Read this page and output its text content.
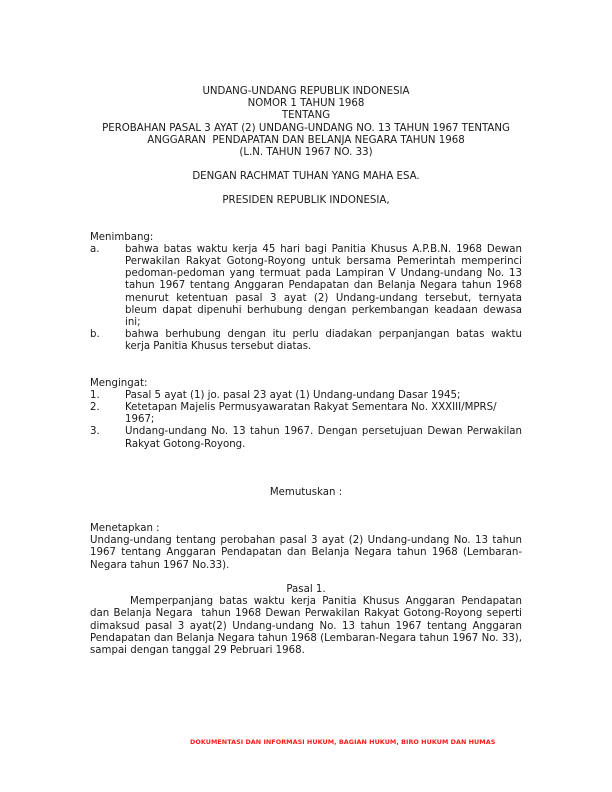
UNDANG-UNDANG REPUBLIK INDONESIA
NOMOR 1 TAHUN 1968
TENTANG
PEROBAHAN PASAL 3 AYAT (2) UNDANG-UNDANG NO. 13 TAHUN 1967 TENTANG
ANGGARAN  PENDAPATAN DAN BELANJA NEGARA TAHUN 1968
(L.N. TAHUN 1967 NO. 33)
DENGAN RACHMAT TUHAN YANG MAHA ESA.
PRESIDEN REPUBLIK INDONESIA,
Menimbang:
a.	bahwa batas waktu kerja 45 hari bagi Panitia Khusus A.P.B.N. 1968 Dewan Perwakilan Rakyat Gotong-Royong untuk bersama Pemerintah memperinci pedoman-pedoman yang termuat pada Lampiran V Undang-undang No. 13 tahun 1967 tentang Anggaran Pendapatan dan Belanja Negara tahun 1968 menurut ketentuan pasal 3 ayat (2) Undang-undang tersebut, ternyata bleum dapat dipenuhi berhubung dengan perkembangan keadaan dewasa ini;
b.	bahwa berhubung dengan itu perlu diadakan perpanjangan batas waktu kerja Panitia Khusus tersebut diatas.
Mengingat:
1.	Pasal 5 ayat (1) jo. pasal 23 ayat (1) Undang-undang Dasar 1945;
2.	Ketetapan Majelis Permusyawaratan Rakyat Sementara No. XXXIII/MPRS/ 1967;
3.	Undang-undang No. 13 tahun 1967. Dengan persetujuan Dewan Perwakilan Rakyat Gotong-Royong.
Memutuskan :
Menetapkan :
Undang-undang tentang perobahan pasal 3 ayat (2) Undang-undang No. 13 tahun 1967 tentang Anggaran Pendapatan dan Belanja Negara tahun 1968 (Lembaran-Negara tahun 1967 No.33).
Pasal 1.
Memperpanjang batas waktu kerja Panitia Khusus Anggaran Pendapatan dan Belanja Negara  tahun 1968 Dewan Perwakilan Rakyat Gotong-Royong seperti dimaksud pasal 3 ayat(2) Undang-undang No. 13 tahun 1967 tentang Anggaran Pendapatan dan Belanja Negara tahun 1968 (Lembaran-Negara tahun 1967 No. 33), sampai dengan tanggal 29 Pebruari 1968.
DOKUMENTASI DAN INFORMASI HUKUM, BAGIAN HUKUM, BIRO HUKUM DAN HUMAS
